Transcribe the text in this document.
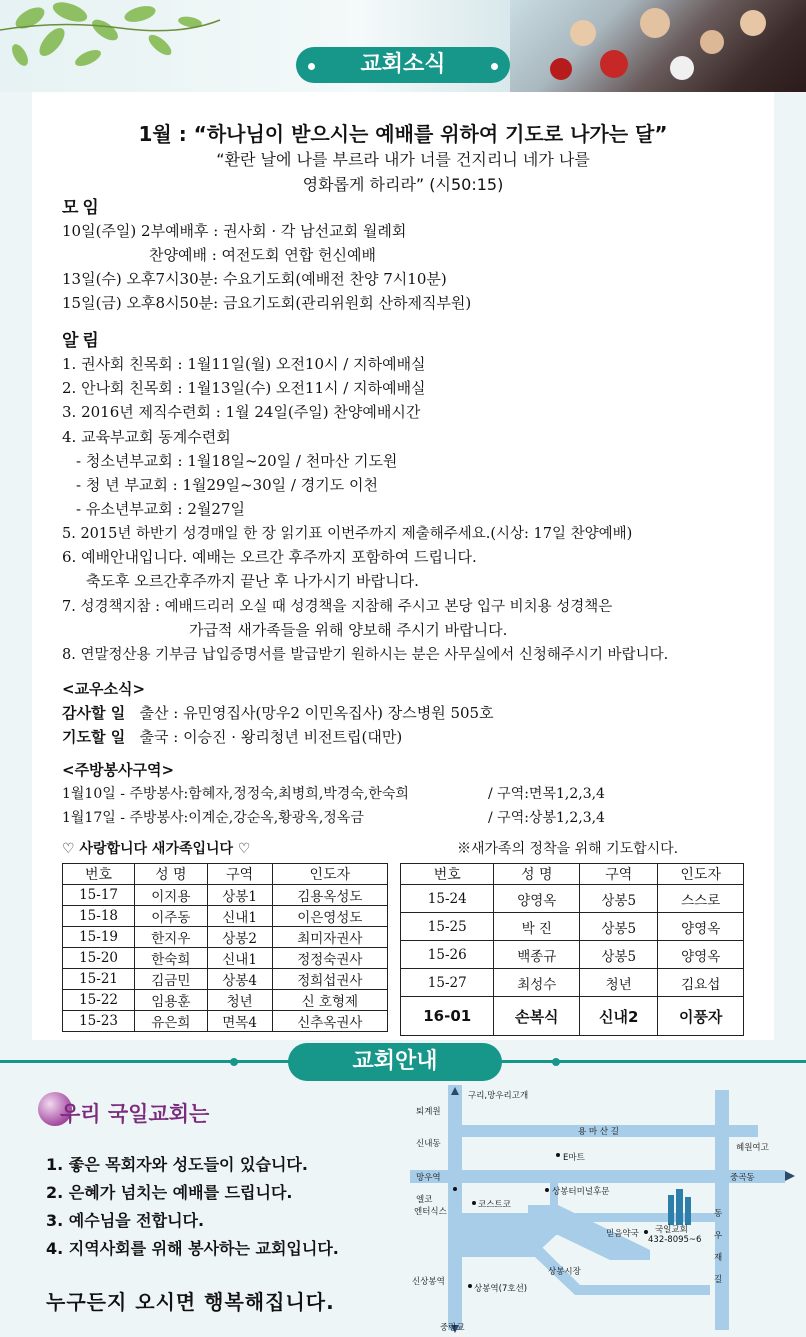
교회소식
1월 : “하나님이 받으시는 예배를 위하여 기도로 나가는 달”
“환란 날에 나를 부르라 내가 너를 건지리니 네가 나를
영화롭게 하리라” (시50:15)
모임
10일(주일) 2부예배후 : 권사회 · 각 남선교회 월례회
찬양예배 : 여전도회 연합 헌신예배
13일(수) 오후7시30분: 수요기도회(예배전 찬양 7시10분)
15일(금) 오후8시50분: 금요기도회(관리위원회 산하제직부원)
알림
1. 권사회 친목회 : 1월11일(월) 오전10시 / 지하예배실
2. 안나회 친목회 : 1월13일(수) 오전11시 / 지하예배실
3. 2016년 제직수련회 : 1월 24일(주일) 찬양예배시간
4. 교육부교회 동계수련회
- 청소년부교회 : 1월18일~20일 / 천마산 기도원
- 청 년 부교회 : 1월29일~30일 / 경기도 이천
- 유소년부교회 : 2월27일
5. 2015년 하반기 성경매일 한 장 읽기표 이번주까지 제출해주세요.(시상: 17일 찬양예배)
6. 예배안내입니다. 예배는 오르간 후주까지 포함하여 드립니다.
축도후 오르간후주까지 끝난 후 나가시기 바랍니다.
7. 성경책지참 : 예배드리러 오실 때 성경책을 지참해 주시고 본당 입구 비치용 성경책은
가급적 새가족들을 위해 양보해 주시기 바랍니다.
8. 연말정산용 기부금 납입증명서를 발급받기 원하시는 분은 사무실에서 신청해주시기 바랍니다.
<교우소식>
감사할 일 출산 : 유민영집사(망우2 이민옥집사) 장스병원 505호
기도할 일 출국 : 이승진 · 왕리청년 비전트립(대만)
<주방봉사구역>
1월10일 - 주방봉사:함혜자,정정숙,최병희,박경숙,한숙희	/ 구역:면목1,2,3,4
1월17일 - 주방봉사:이계순,강순옥,황광옥,정옥금	/ 구역:상봉1,2,3,4
♡ 사랑합니다 새가족입니다 ♡	※새가족의 정착을 위해 기도합시다.
번호	성 명	구역	인도자
15-17	이지용	상봉1	김용옥성도
15-18	이주동	신내1	이은영성도
15-19	한지우	상봉2	최미자권사
15-20	한숙희	신내1	정정숙권사
15-21	김금민	상봉4	정희섭권사
15-22	임용훈	청년	신 호형제
15-23	유은희	면목4	신추옥권사
번호	성 명	구역	인도자
15-24	양영옥	상봉5	스스로
15-25	박 진	상봉5	양영옥
15-26	백종규	상봉5	양영옥
15-27	최성수	청년	김요섭
16-01	손복식	신내2	이풍자
교회안내
우리 국일교회는
1. 좋은 목회자와 성도들이 있습니다.
2. 은혜가 넘치는 예배를 드립니다.
3. 예수님을 전합니다.
4. 지역사회를 위해 봉사하는 교회입니다.
누구든지 오시면 행복해집니다.
퇴계원
구리,망우리고개
용 마 산 길
신내동
E마트
혜원여고
망우역	중곡동
엘코
엔터식스
코스트코
상봉터미널후문
믿음약국 국일교회
432-8095~6
동 우 재 길
상봉시장
신상봉역
상봉역(7호선)
중랑교
